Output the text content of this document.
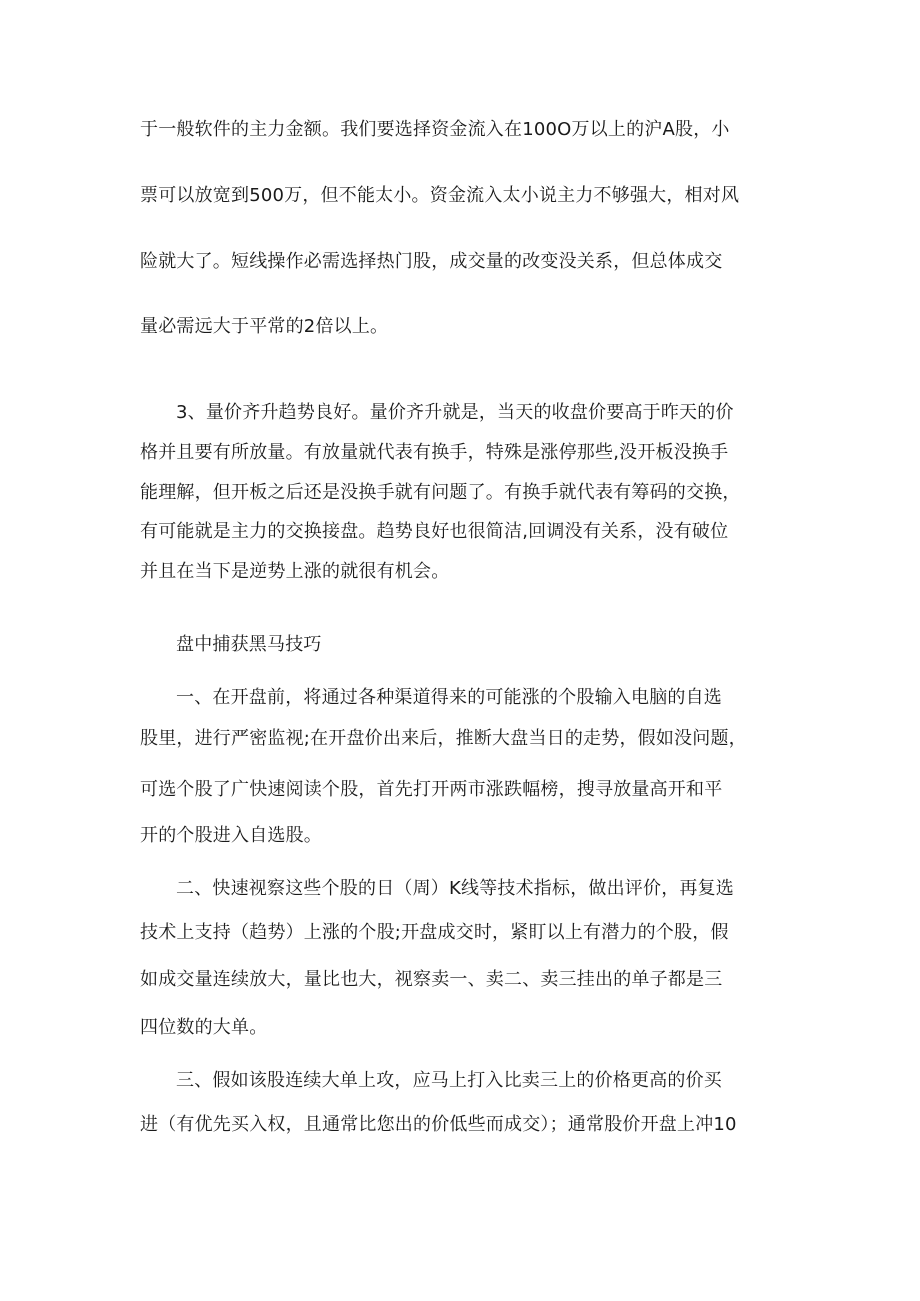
于一般软件的主力金额。我们要选择资金流入在100O万以上的沪A股，小
票可以放宽到500万，但不能太小。资金流入太小说主力不够强大，相对风
险就大了。短线操作必需选择热门股，成交量的改变没关系，但总体成交
量必需远大于平常的2倍以上。
3、量价齐升趋势良好。量价齐升就是，当天的收盘价要高于昨天的价
格并且要有所放量。有放量就代表有换手，特殊是涨停那些,没开板没换手
能理解，但开板之后还是没换手就有问题了。有换手就代表有筹码的交换，
有可能就是主力的交换接盘。趋势良好也很简洁,回调没有关系，没有破位
并且在当下是逆势上涨的就很有机会。
盘中捕获黑马技巧
一、在开盘前，将通过各种渠道得来的可能涨的个股输入电脑的自选
股里，进行严密监视;在开盘价出来后，推断大盘当日的走势，假如没问题，
可选个股了广快速阅读个股，首先打开两市涨跌幅榜，搜寻放量高开和平
开的个股进入自选股。
二、快速视察这些个股的日（周）K线等技术指标，做出评价，再复选
技术上支持（趋势）上涨的个股;开盘成交时，紧盯以上有潜力的个股，假
如成交量连续放大，量比也大，视察卖一、卖二、卖三挂出的单子都是三
四位数的大单。
三、假如该股连续大单上攻，应马上打入比卖三上的价格更高的价买
进（有优先买入权，且通常比您出的价低些而成交）；通常股价开盘上冲10
